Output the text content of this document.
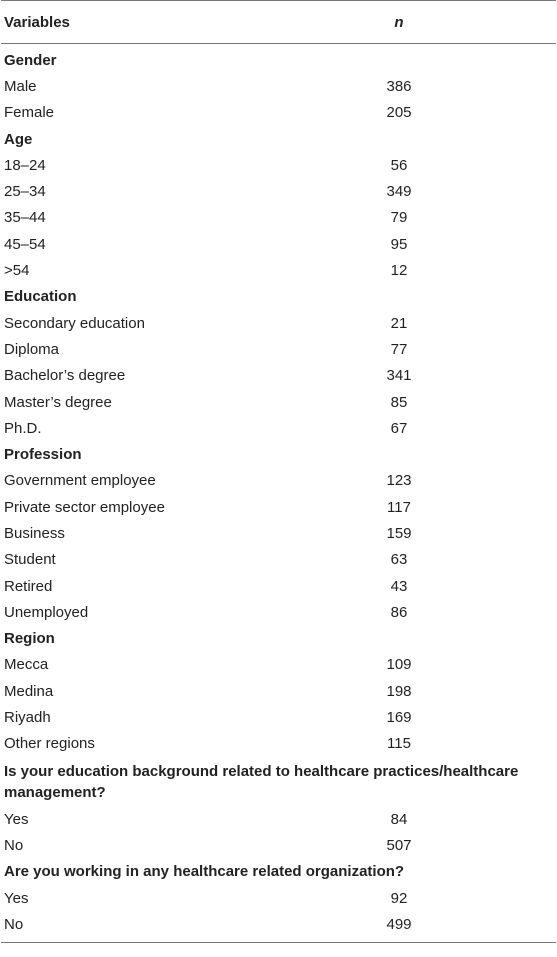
Variables	n
Gender
Male	386
Female	205
Age
18–24	56
25–34	349
35–44	79
45–54	95
>54	12
Education
Secondary education	21
Diploma	77
Bachelor’s degree	341
Master’s degree	85
Ph.D.	67
Profession
Government employee	123
Private sector employee	117
Business	159
Student	63
Retired	43
Unemployed	86
Region
Mecca	109
Medina	198
Riyadh	169
Other regions	115
Is your education background related to healthcare practices/healthcare management?
Yes	84
No	507
Are you working in any healthcare related organization?
Yes	92
No	499
